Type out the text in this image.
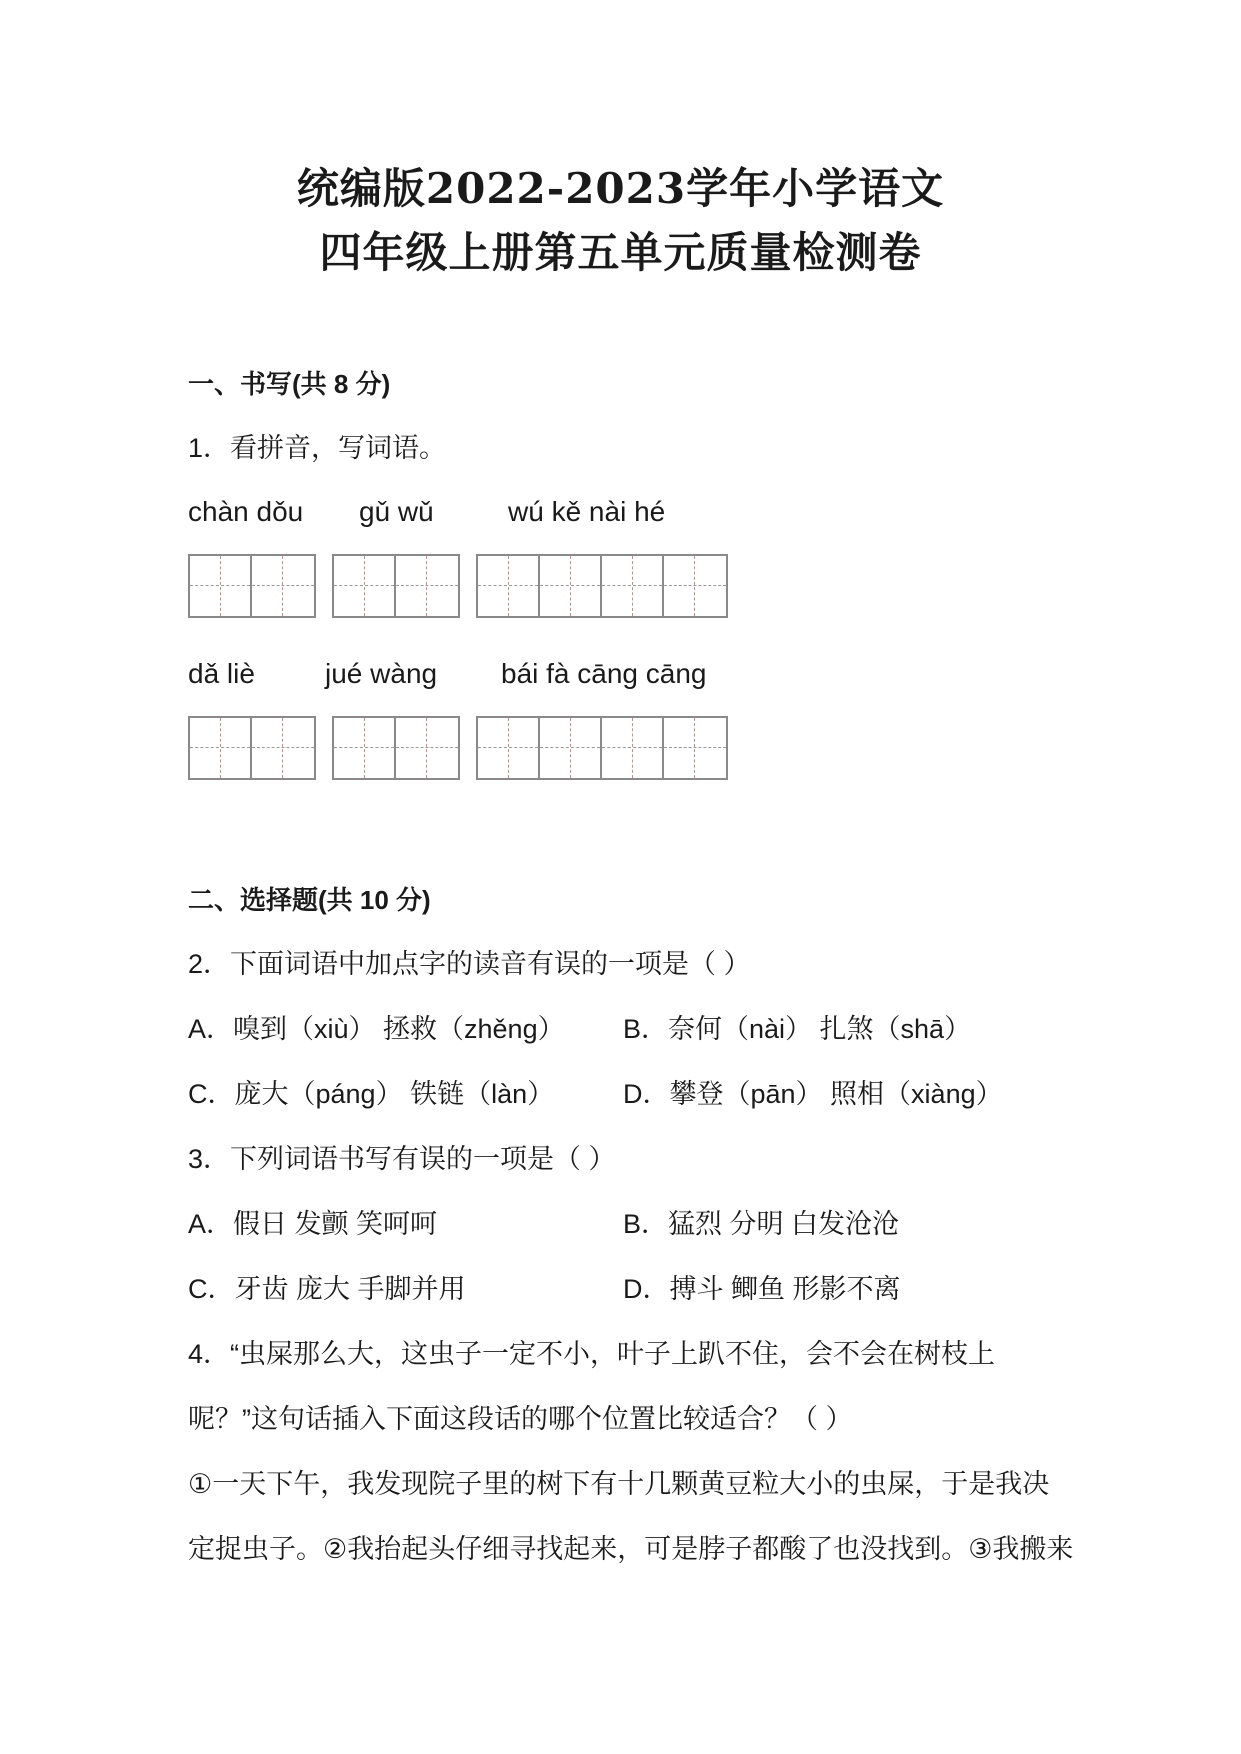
统编版2022-2023学年小学语文
四年级上册第五单元质量检测卷
一、书写(共 8 分)
1．看拼音，写词语。
chàn dǒu gǔ wǔ	wú kě nài hé
dǎ liè	jué wàng bái fà cāng cāng
二、选择题(共 10 分)
2．下面词语中加点字的读音有误的一项是（ ）
A．嗅到（xiù） 拯救（zhěng） B．奈何（nài） 扎煞（shā）
C．庞大（páng） 铁链（làn）	D．攀登（pān） 照相（xiàng）
3．下列词语书写有误的一项是（ ）
A．假日 发颤 笑呵呵	B．猛烈 分明 白发沧沧
C．牙齿 庞大 手脚并用	D．搏斗 鲫鱼 形影不离
4．“虫屎那么大，这虫子一定不小，叶子上趴不住，会不会在树枝上
呢？”这句话插入下面这段话的哪个位置比较适合？（ ）
①一天下午，我发现院子里的树下有十几颗黄豆粒大小的虫屎，于是我决
定捉虫子。②我抬起头仔细寻找起来，可是脖子都酸了也没找到。③我搬来
